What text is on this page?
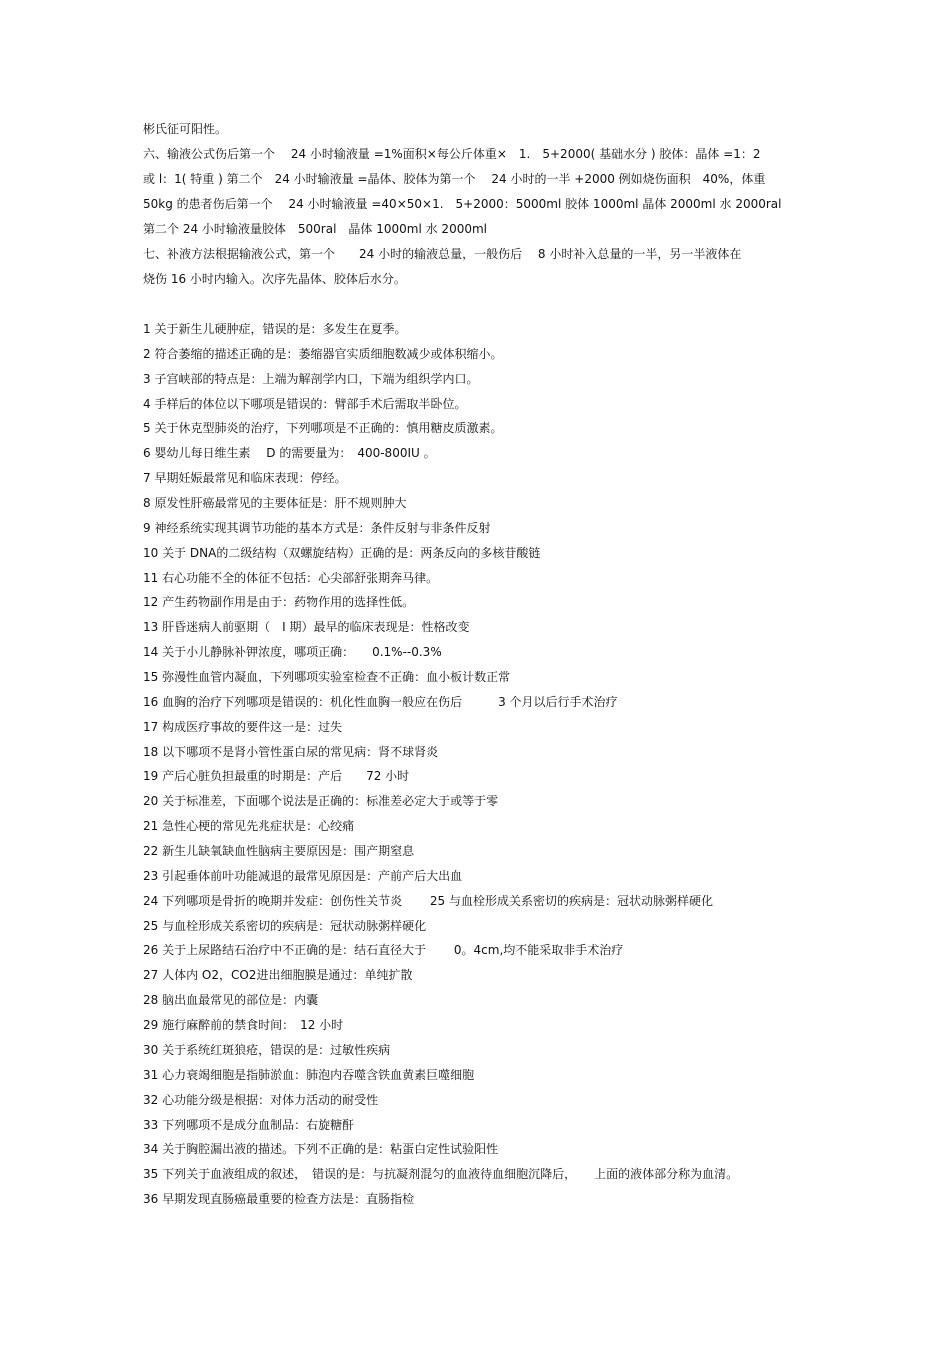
彬氏征可阳性。
六、输液公式伤后第一个　 24 小时输液量 =1%面积×每公斤体重×　1.　5+2000( 基础水分 ) 胶体：晶体 =1：2
或 l：1( 特重 ) 第二个　24 小时输液量 =晶体、胶体为第一个　 24 小时的一半 +2000 例如烧伤面积　40%，体重
50kg 的患者伤后第一个　 24 小时输液量 =40×50×1.　5+2000：5000ml 胶体 1000ml 晶体 2000ml 水 2000ral
第二个 24 小时输液量胶体　500ral　晶体 1000ml 水 2000ml
七、补液方法根据输液公式，第一个　　24 小时的输液总量，一般伤后　 8 小时补入总量的一半，另一半液体在
烧伤 16 小时内输入。次序先晶体、胶体后水分。
1 关于新生儿硬肿症，错误的是：多发生在夏季。
2 符合萎缩的描述正确的是：萎缩器官实质细胞数减少或体积缩小。
3 子宫峡部的特点是：上端为解剖学内口，下端为组织学内口。
4 手样后的体位以下哪项是错误的：臂部手术后需取半卧位。
5 关于休克型肺炎的治疗，下列哪项是不正确的：慎用糖皮质激素。
6 婴幼儿每日维生素　 D 的需要量为：　400-800IU 。
7 早期妊娠最常见和临床表现：停经。
8 原发性肝癌最常见的主要体征是：肝不规则肿大
9 神经系统实现其调节功能的基本方式是：条件反射与非条件反射
10 关于 DNA的二级结构（双螺旋结构）正确的是：两条反向的多核苷酸链
11 右心功能不全的体征不包括：心尖部舒张期奔马律。
12 产生药物副作用是由于：药物作用的选择性低。
13 肝昏迷病人前驱期（　I 期）最早的临床表现是：性格改变
14 关于小儿静脉补钾浓度，哪项正确：　　0.1%--0.3%
15 弥漫性血管内凝血，下列哪项实验室检查不正确：血小板计数正常
16 血胸的治疗下列哪项是错误的：机化性血胸一般应在伤后　　　3 个月以后行手术治疗
17 构成医疗事故的要件这一是：过失
18 以下哪项不是肾小管性蛋白尿的常见病：肾不球肾炎
19 产后心脏负担最重的时期是：产后　　72 小时
20 关于标准差，下面哪个说法是正确的：标准差必定大于或等于零
21 急性心梗的常见先兆症状是：心绞痛
22 新生儿缺氧缺血性脑病主要原因是：围产期窒息
23 引起垂体前叶功能减退的最常见原因是：产前产后大出血
24 下列哪项是骨折的晚期并发症：创伤性关节炎　　 25 与血栓形成关系密切的疾病是：冠状动脉粥样硬化
25 与血栓形成关系密切的疾病是：冠状动脉粥样硬化
26 关于上尿路结石治疗中不正确的是：结石直径大于　　 0。4cm,均不能采取非手术治疗
27 人体内 O2，CO2进出细胞膜是通过：单纯扩散
28 脑出血最常见的部位是：内囊
29 施行麻醉前的禁食时间：　12 小时
30 关于系统红斑狼疮，错误的是：过敏性疾病
31 心力衰竭细胞是指肺淤血：肺泡内吞噬含铁血黄素巨噬细胞
32 心功能分级是根据：对体力活动的耐受性
33 下列哪项不是成分血制品：右旋糖酐
34 关于胸腔漏出液的描述。下列不正确的是：粘蛋白定性试验阳性
35 下列关于血液组成的叙述，　错误的是：与抗凝剂混匀的血液待血细胞沉降后，　　上面的液体部分称为血清。
36 早期发现直肠癌最重要的检查方法是：直肠指检
